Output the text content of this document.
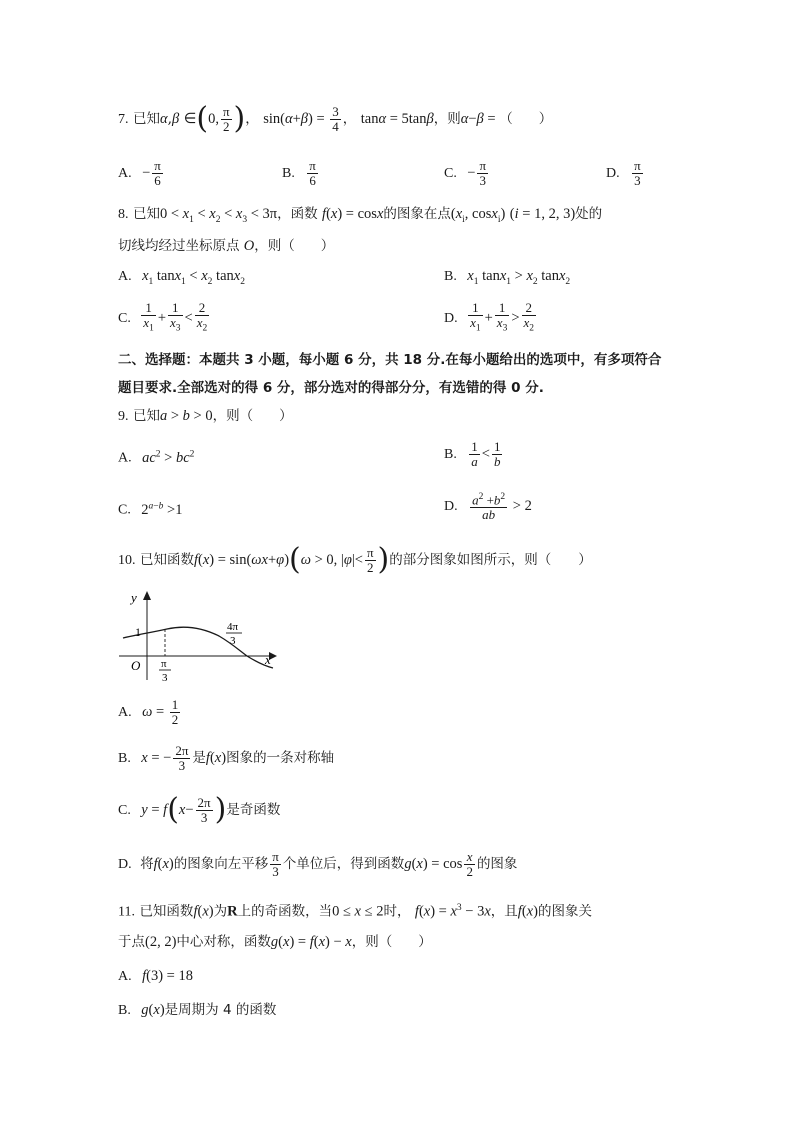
7. 已知α,β ∈(0, $\frac{\pi}{2}$ )， $\sin(\alpha+\beta) = \frac{3}{4}$ ， tanα = 5tanβ，则α−β = （ ）
A. − $\frac{\pi}{6}$	B. $\frac{\pi}{6}$	C. − $\frac{\pi}{3}$	D. $\frac{\pi}{3}$
8. 已知$0 < x_1 < x_2 < x_3 < 3\pi$，函数 f(x) = cosx的图象在点($x_i$, cosx$_i$) (i = 1, 2, 3)处的
切线均经过坐标原点 O，则（ ）
A. $x_1$ $\tan x_1 < x_2$ tanx$_2$	B. $x_1$ $\tan x_1 > x_2$ tanx$_2$
C. $\frac{1}{x_1} + \frac{1}{x_3} < \frac{2}{x_2}$	D. $\frac{1}{x_1} + \frac{1}{x_3} > \frac{2}{x_2}$
二、选择题：本题共 3 小题，每小题 6 分，共 18 分.在每小题给出的选项中，有多项符合
题目要求.全部选对的得 6 分，部分选对的得部分分，有选错的得 0 分.
9. 已知a > b > 0，则（ ）
A. $ac^2 > bc^2$	B. $\frac{1}{a} < \frac{1}{b}$
C. $2^{a-b} >1$	D. $\frac{a^2 +b^2}{ab} > 2$
10. 已知函数f(x) = sin(ωx+φ)(ω > 0, $|\varphi|< \frac{\pi}{2}$ )的部分图象如图所示，则（　　）
y
x
O
1
π
3
4π
3
A. $\omega = \frac{1}{2}$
B. x = − $\frac{2\pi}{3}$ 是f(x)图象的一条对称轴
C. $y = f(x- \frac{2\pi}{3}$ )是奇函数
D. 将f(x)的图象向左平移 $\frac{\pi}{3}$ 个单位后，得到函数$g(x) = \cos \frac{x}{2}$ 的图象
11. 已知函数f(x)为R上的奇函数，当0 ≤ x ≤ 2时， $f(x) = x^3 - 3x$，且f(x)的图象关
于点(2, 2)中心对称，函数g(x) = f(x) − x，则（ ）
A. f(3) = 18
B. g(x)是周期为 4 的函数
